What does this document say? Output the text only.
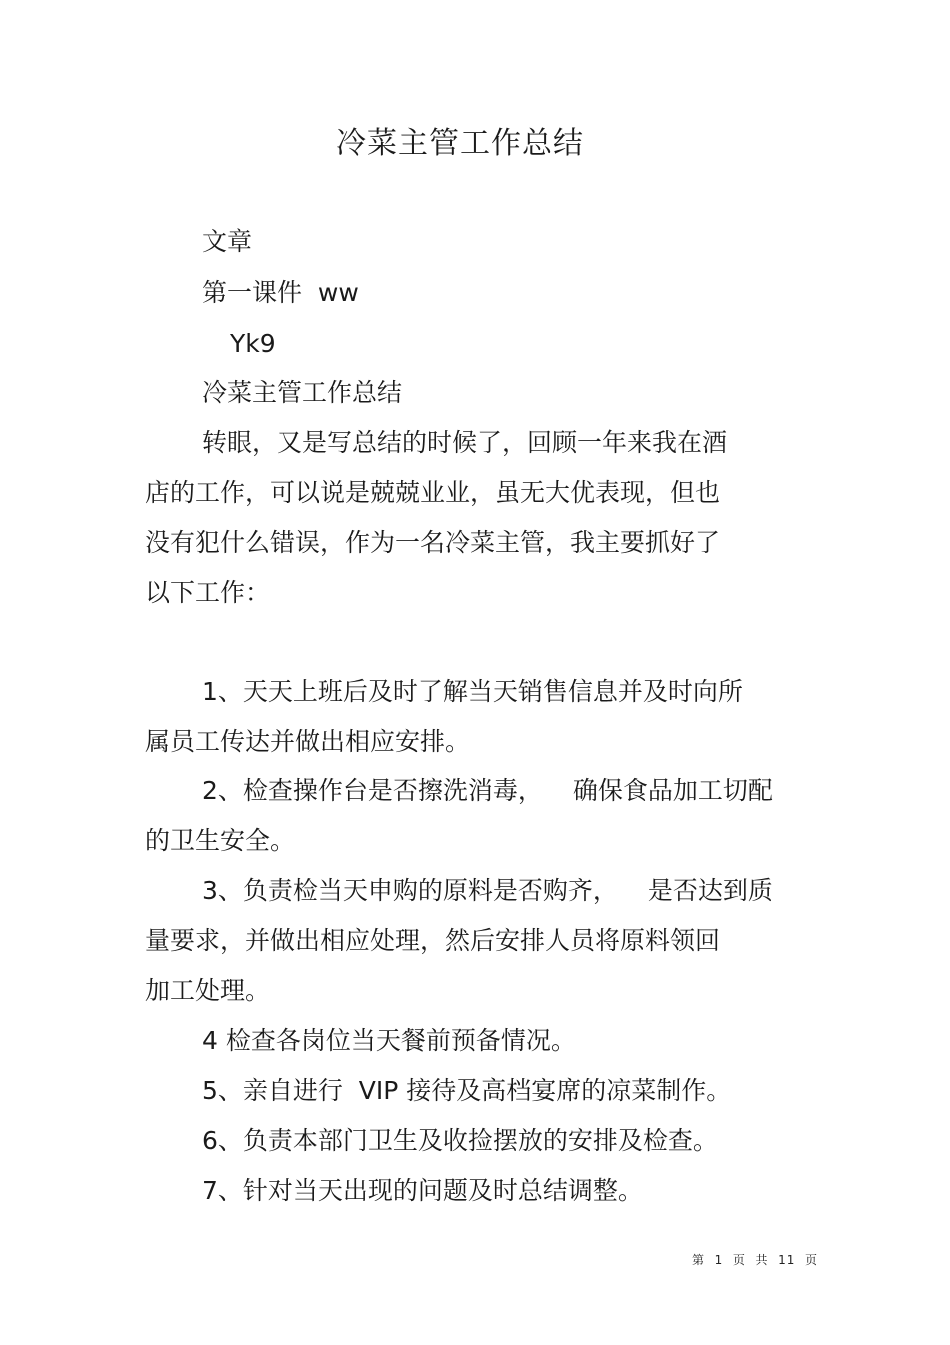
冷菜主管工作总结
文章
第一课件  ww
Yk9
冷菜主管工作总结
转眼，又是写总结的时候了，回顾一年来我在酒
店的工作，可以说是兢兢业业，虽无大优表现，但也
没有犯什么错误，作为一名冷菜主管，我主要抓好了
以下工作：
1、天天上班后及时了解当天销售信息并及时向所
属员工传达并做出相应安排。
2、检查操作台是否擦洗消毒， 确保食品加工切配
的卫生安全。
3、负责检当天申购的原料是否购齐， 是否达到质
量要求，并做出相应处理，然后安排人员将原料领回
加工处理。
4 检查各岗位当天餐前预备情况。
5、亲自进行  VIP 接待及高档宴席的凉菜制作。
6、负责本部门卫生及收捡摆放的安排及检查。
7、针对当天出现的问题及时总结调整。
第  1  页  共  11  页
